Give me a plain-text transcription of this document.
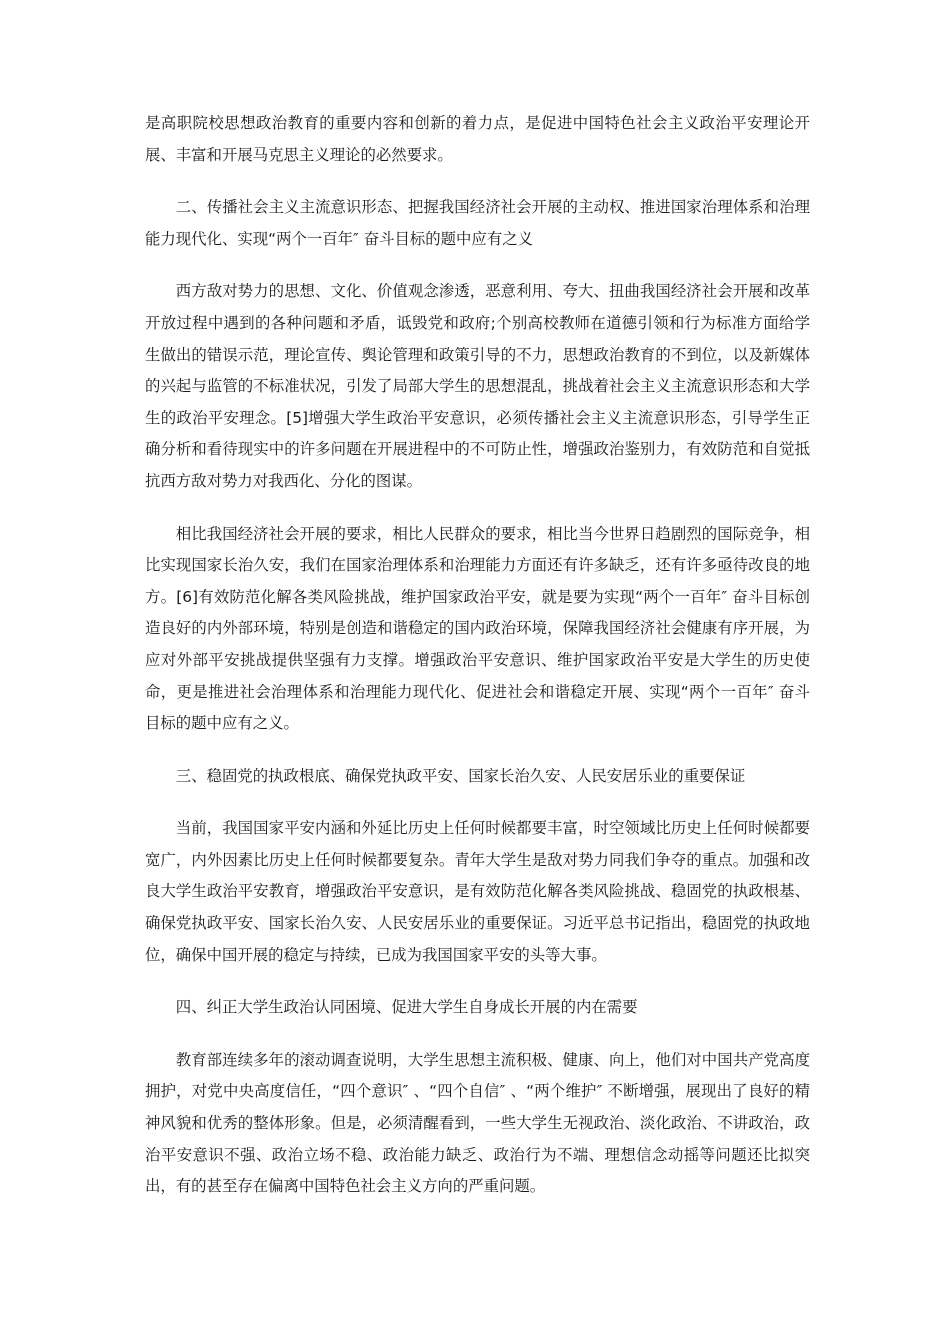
是高职院校思想政治教育的重要内容和创新的着力点，是促进中国特色社会主义政治平安理论开展、丰富和开展马克思主义理论的必然要求。

二、传播社会主义主流意识形态、把握我国经济社会开展的主动权、推进国家治理体系和治理能力现代化、实现“两个一百年″ 奋斗目标的题中应有之义

西方敌对势力的思想、文化、价值观念渗透，恶意利用、夸大、扭曲我国经济社会开展和改革开放过程中遇到的各种问题和矛盾，诋毁党和政府;个别高校教师在道德引领和行为标准方面给学生做出的错误示范，理论宣传、舆论管理和政策引导的不力，思想政治教育的不到位，以及新媒体的兴起与监管的不标准状况，引发了局部大学生的思想混乱，挑战着社会主义主流意识形态和大学生的政治平安理念。[5]增强大学生政治平安意识，必须传播社会主义主流意识形态，引导学生正确分析和看待现实中的许多问题在开展进程中的不可防止性，增强政治鉴别力，有效防范和自觉抵抗西方敌对势力对我西化、分化的图谋。

相比我国经济社会开展的要求，相比人民群众的要求，相比当今世界日趋剧烈的国际竞争，相比实现国家长治久安，我们在国家治理体系和治理能力方面还有许多缺乏，还有许多亟待改良的地方。[6]有效防范化解各类风险挑战，维护国家政治平安，就是要为实现“两个一百年″ 奋斗目标创造良好的内外部环境，特别是创造和谐稳定的国内政治环境，保障我国经济社会健康有序开展，为应对外部平安挑战提供坚强有力支撑。增强政治平安意识、维护国家政治平安是大学生的历史使命，更是推进社会治理体系和治理能力现代化、促进社会和谐稳定开展、实现“两个一百年″ 奋斗目标的题中应有之义。

三、稳固党的执政根底、确保党执政平安、国家长治久安、人民安居乐业的重要保证

当前，我国国家平安内涵和外延比历史上任何时候都要丰富，时空领域比历史上任何时候都要宽广，内外因素比历史上任何时候都要复杂。青年大学生是敌对势力同我们争夺的重点。加强和改良大学生政治平安教育，增强政治平安意识，是有效防范化解各类风险挑战、稳固党的执政根基、确保党执政平安、国家长治久安、人民安居乐业的重要保证。习近平总书记指出，稳固党的执政地位，确保中国开展的稳定与持续，已成为我国国家平安的头等大事。

四、纠正大学生政治认同困境、促进大学生自身成长开展的内在需要

教育部连续多年的滚动调查说明，大学生思想主流积极、健康、向上，他们对中国共产党高度拥护，对党中央高度信任，“四个意识″ 、“四个自信″ 、“两个维护″ 不断增强，展现出了良好的精神风貌和优秀的整体形象。但是，必须清醒看到，一些大学生无视政治、淡化政治、不讲政治，政治平安意识不强、政治立场不稳、政治能力缺乏、政治行为不端、理想信念动摇等问题还比拟突出，有的甚至存在偏离中国特色社会主义方向的严重问题。
